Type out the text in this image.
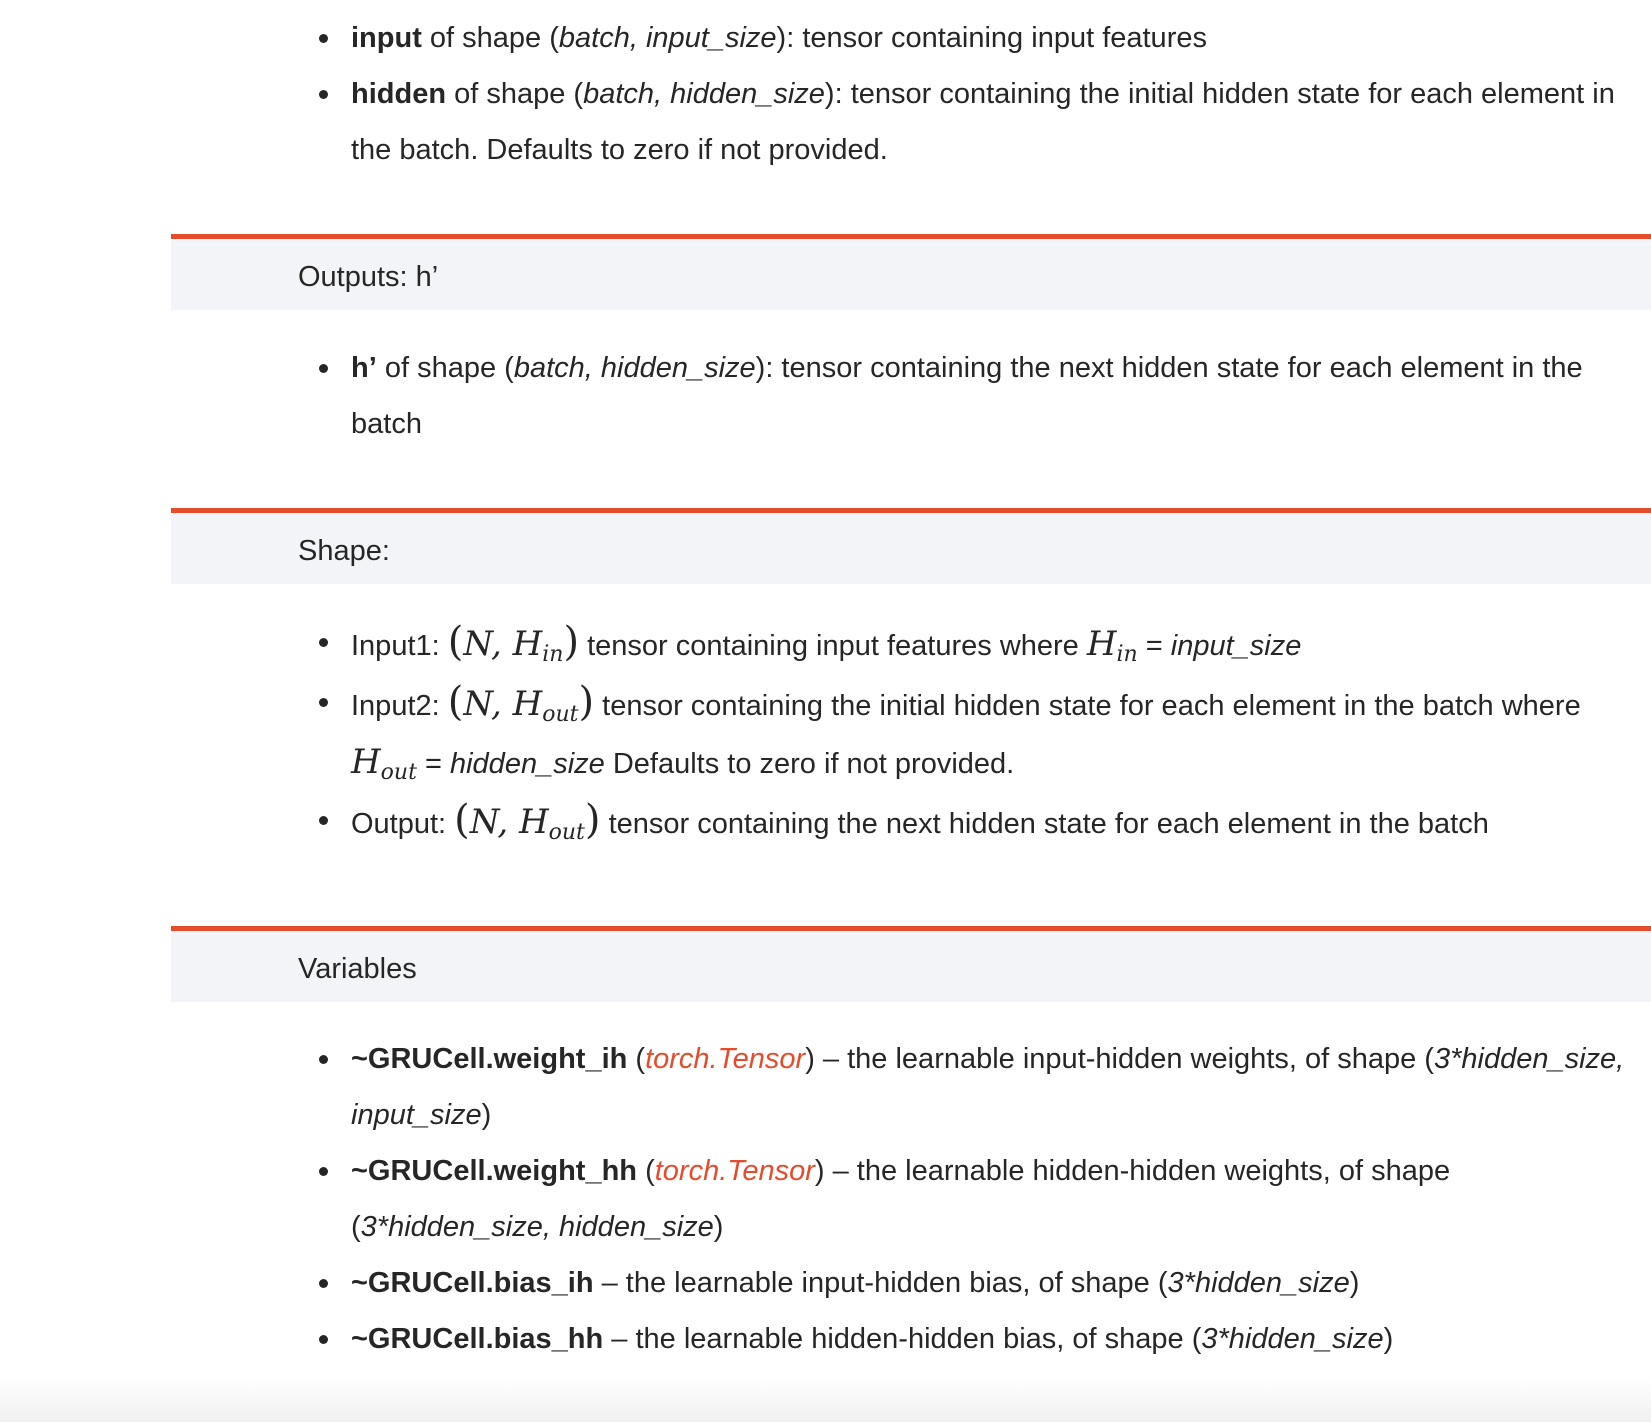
input of shape (batch, input_size): tensor containing input features
hidden of shape (batch, hidden_size): tensor containing the initial hidden state for each element in the batch. Defaults to zero if not provided.
Outputs: h’
h’ of shape (batch, hidden_size): tensor containing the next hidden state for each element in the batch
Shape:
Input1: (N, $H_{in}$) tensor containing input features where $H_{in}$ = input_size
Input2: (N, $H_{out}$) tensor containing the initial hidden state for each element in the batch where $H_{out}$ = hidden_size Defaults to zero if not provided.
Output: (N, $H_{out}$) tensor containing the next hidden state for each element in the batch
Variables
~GRUCell.weight_ih (torch.Tensor) – the learnable input-hidden weights, of shape (3*hidden_size, input_size)
~GRUCell.weight_hh (torch.Tensor) – the learnable hidden-hidden weights, of shape (3*hidden_size, hidden_size)
~GRUCell.bias_ih – the learnable input-hidden bias, of shape (3*hidden_size)
~GRUCell.bias_hh – the learnable hidden-hidden bias, of shape (3*hidden_size)
